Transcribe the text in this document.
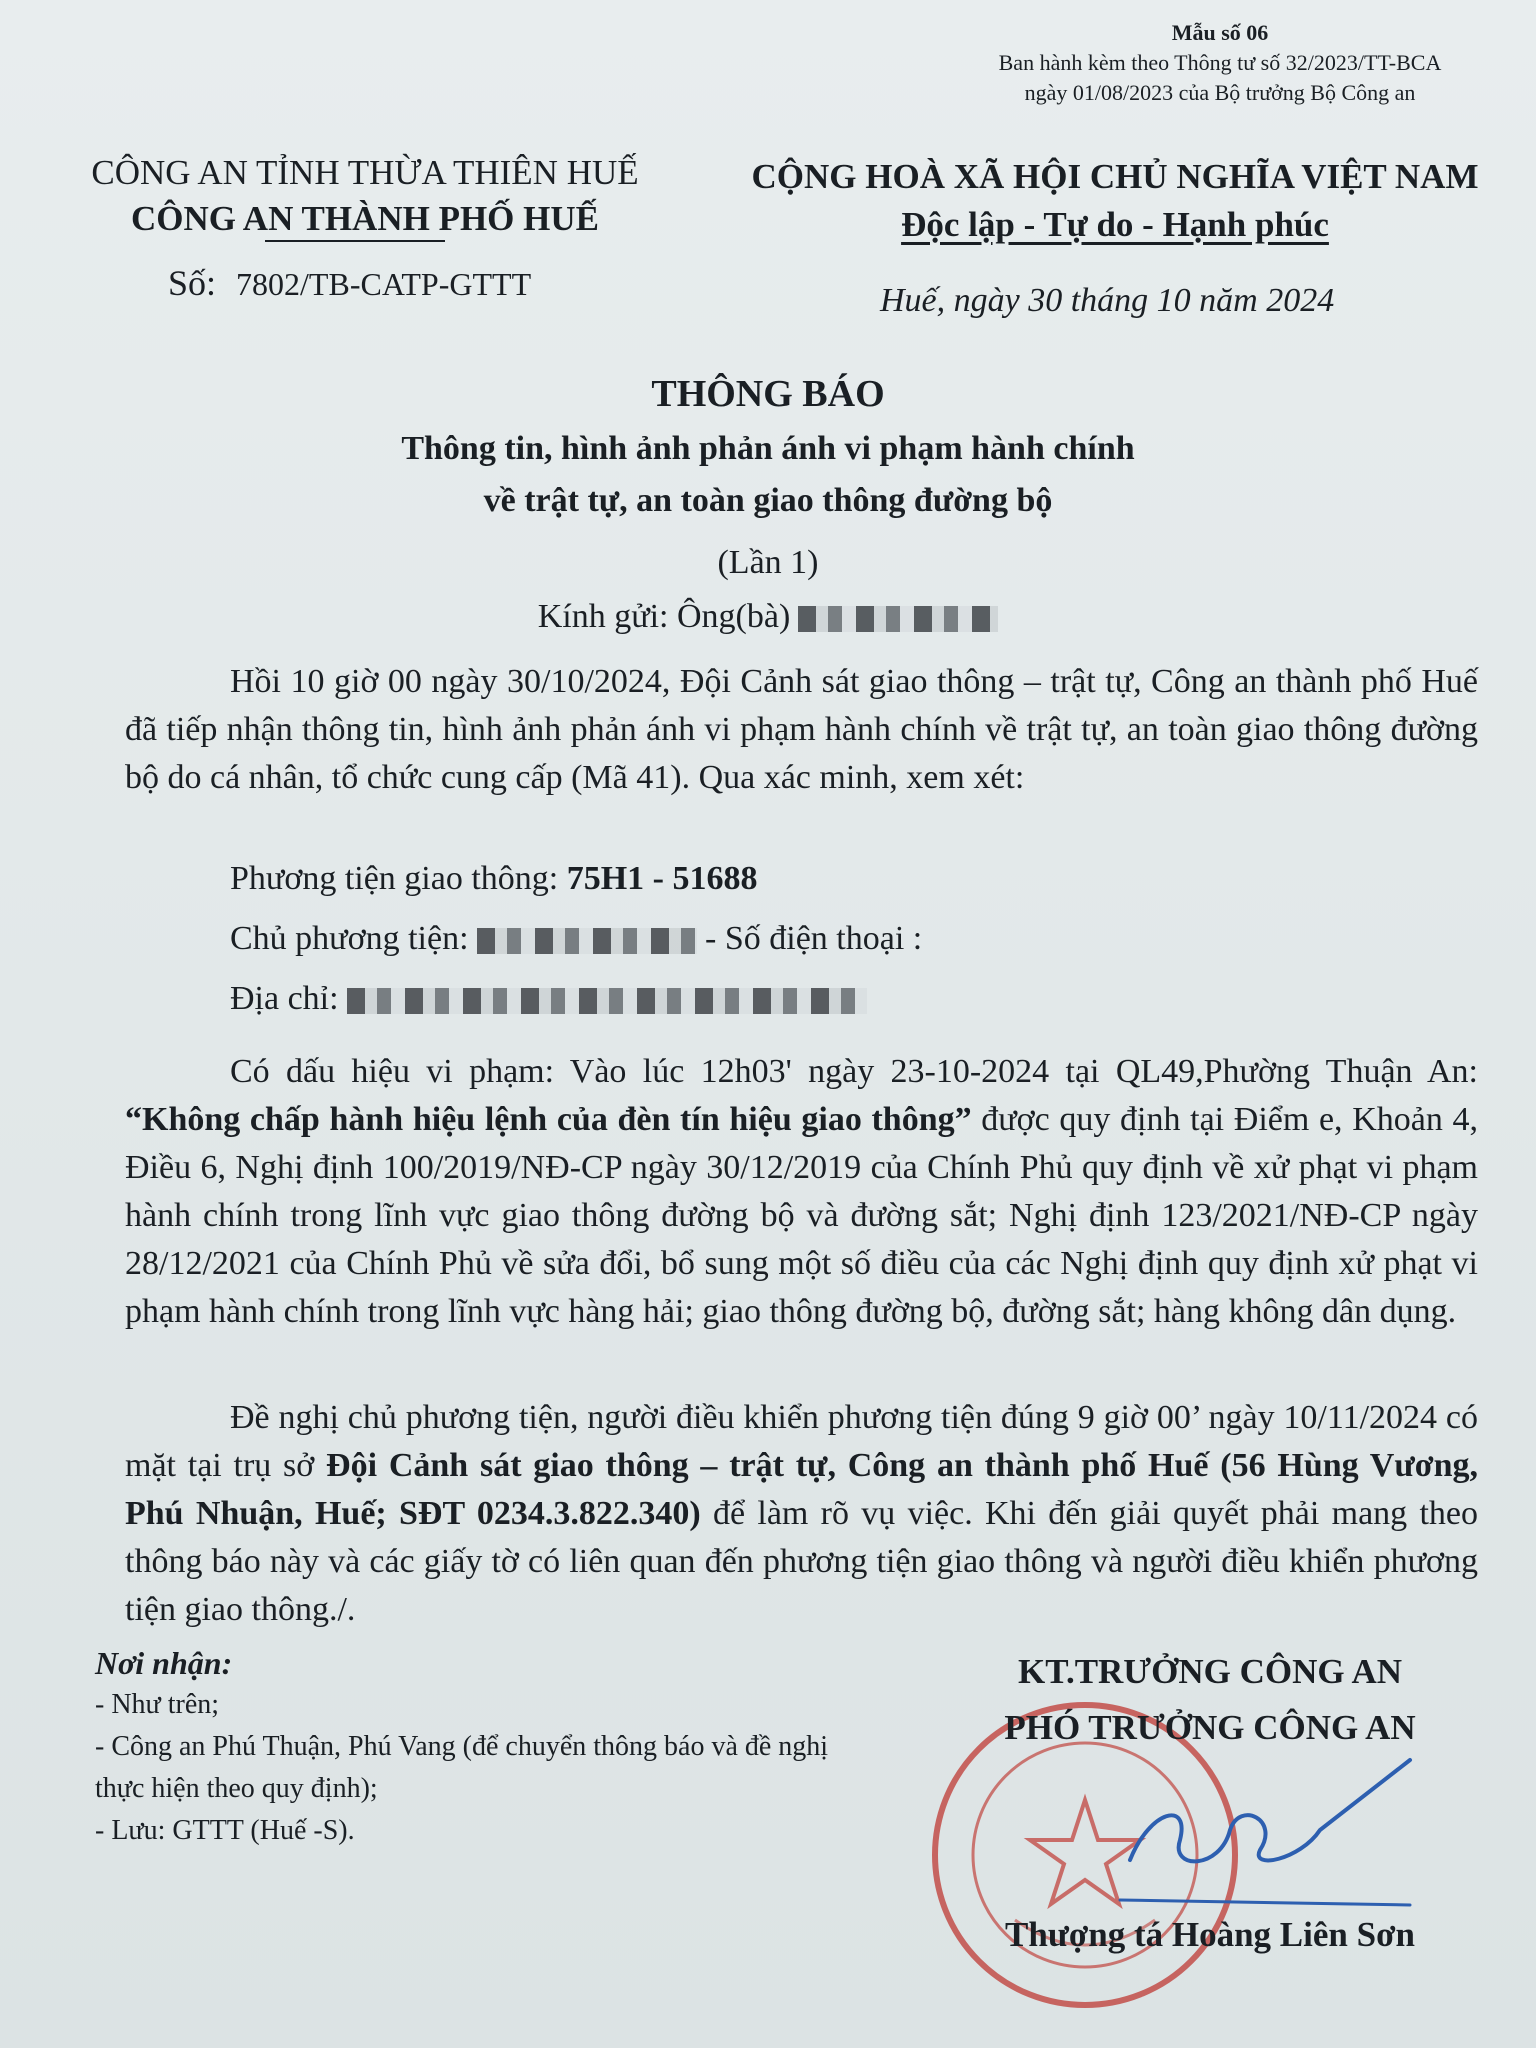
Mẫu số 06
Ban hành kèm theo Thông tư số 32/2023/TT-BCA
ngày 01/08/2023 của Bộ trưởng Bộ Công an
CÔNG AN TỈNH THỪA THIÊN HUẾ
CÔNG AN THÀNH PHỐ HUẾ
CỘNG HOÀ XÃ HỘI CHỦ NGHĨA VIỆT NAM
Độc lập - Tự do - Hạnh phúc
Số: 7802/TB-CATP-GTTT	Huế, ngày 30 tháng 10 năm 2024
THÔNG BÁO
Thông tin, hình ảnh phản ánh vi phạm hành chính
về trật tự, an toàn giao thông đường bộ
(Lần 1)
Kính gửi: Ông(bà)

Hồi 10 giờ 00 ngày 30/10/2024, Đội Cảnh sát giao thông – trật tự, Công an thành phố Huế đã tiếp nhận thông tin, hình ảnh phản ánh vi phạm hành chính về trật tự, an toàn giao thông đường bộ do cá nhân, tổ chức cung cấp (Mã 41). Qua xác minh, xem xét:

Phương tiện giao thông: 75H1 - 51688
Chủ phương tiện:	- Số điện thoại :
Địa chỉ:

Có dấu hiệu vi phạm: Vào lúc 12h03' ngày 23-10-2024 tại QL49,Phường Thuận An: “Không chấp hành hiệu lệnh của đèn tín hiệu giao thông” được quy định tại Điểm e, Khoản 4, Điều 6, Nghị định 100/2019/NĐ-CP ngày 30/12/2019 của Chính Phủ quy định về xử phạt vi phạm hành chính trong lĩnh vực giao thông đường bộ và đường sắt; Nghị định 123/2021/NĐ-CP ngày 28/12/2021 của Chính Phủ về sửa đổi, bổ sung một số điều của các Nghị định quy định xử phạt vi phạm hành chính trong lĩnh vực hàng hải; giao thông đường bộ, đường sắt; hàng không dân dụng.

Đề nghị chủ phương tiện, người điều khiển phương tiện đúng 9 giờ 00’ ngày 10/11/2024 có mặt tại trụ sở Đội Cảnh sát giao thông – trật tự, Công an thành phố Huế (56 Hùng Vương, Phú Nhuận, Huế; SĐT 0234.3.822.340) để làm rõ vụ việc. Khi đến giải quyết phải mang theo thông báo này và các giấy tờ có liên quan đến phương tiện giao thông và người điều khiển phương tiện giao thông./.

Nơi nhận:
- Như trên;
- Công an Phú Thuận, Phú Vang (để chuyển thông báo và đề nghị thực hiện theo quy định);
- Lưu: GTTT (Huế -S).
KT.TRƯỞNG CÔNG AN
PHÓ TRƯỞNG CÔNG AN
Thượng tá Hoàng Liên Sơn
